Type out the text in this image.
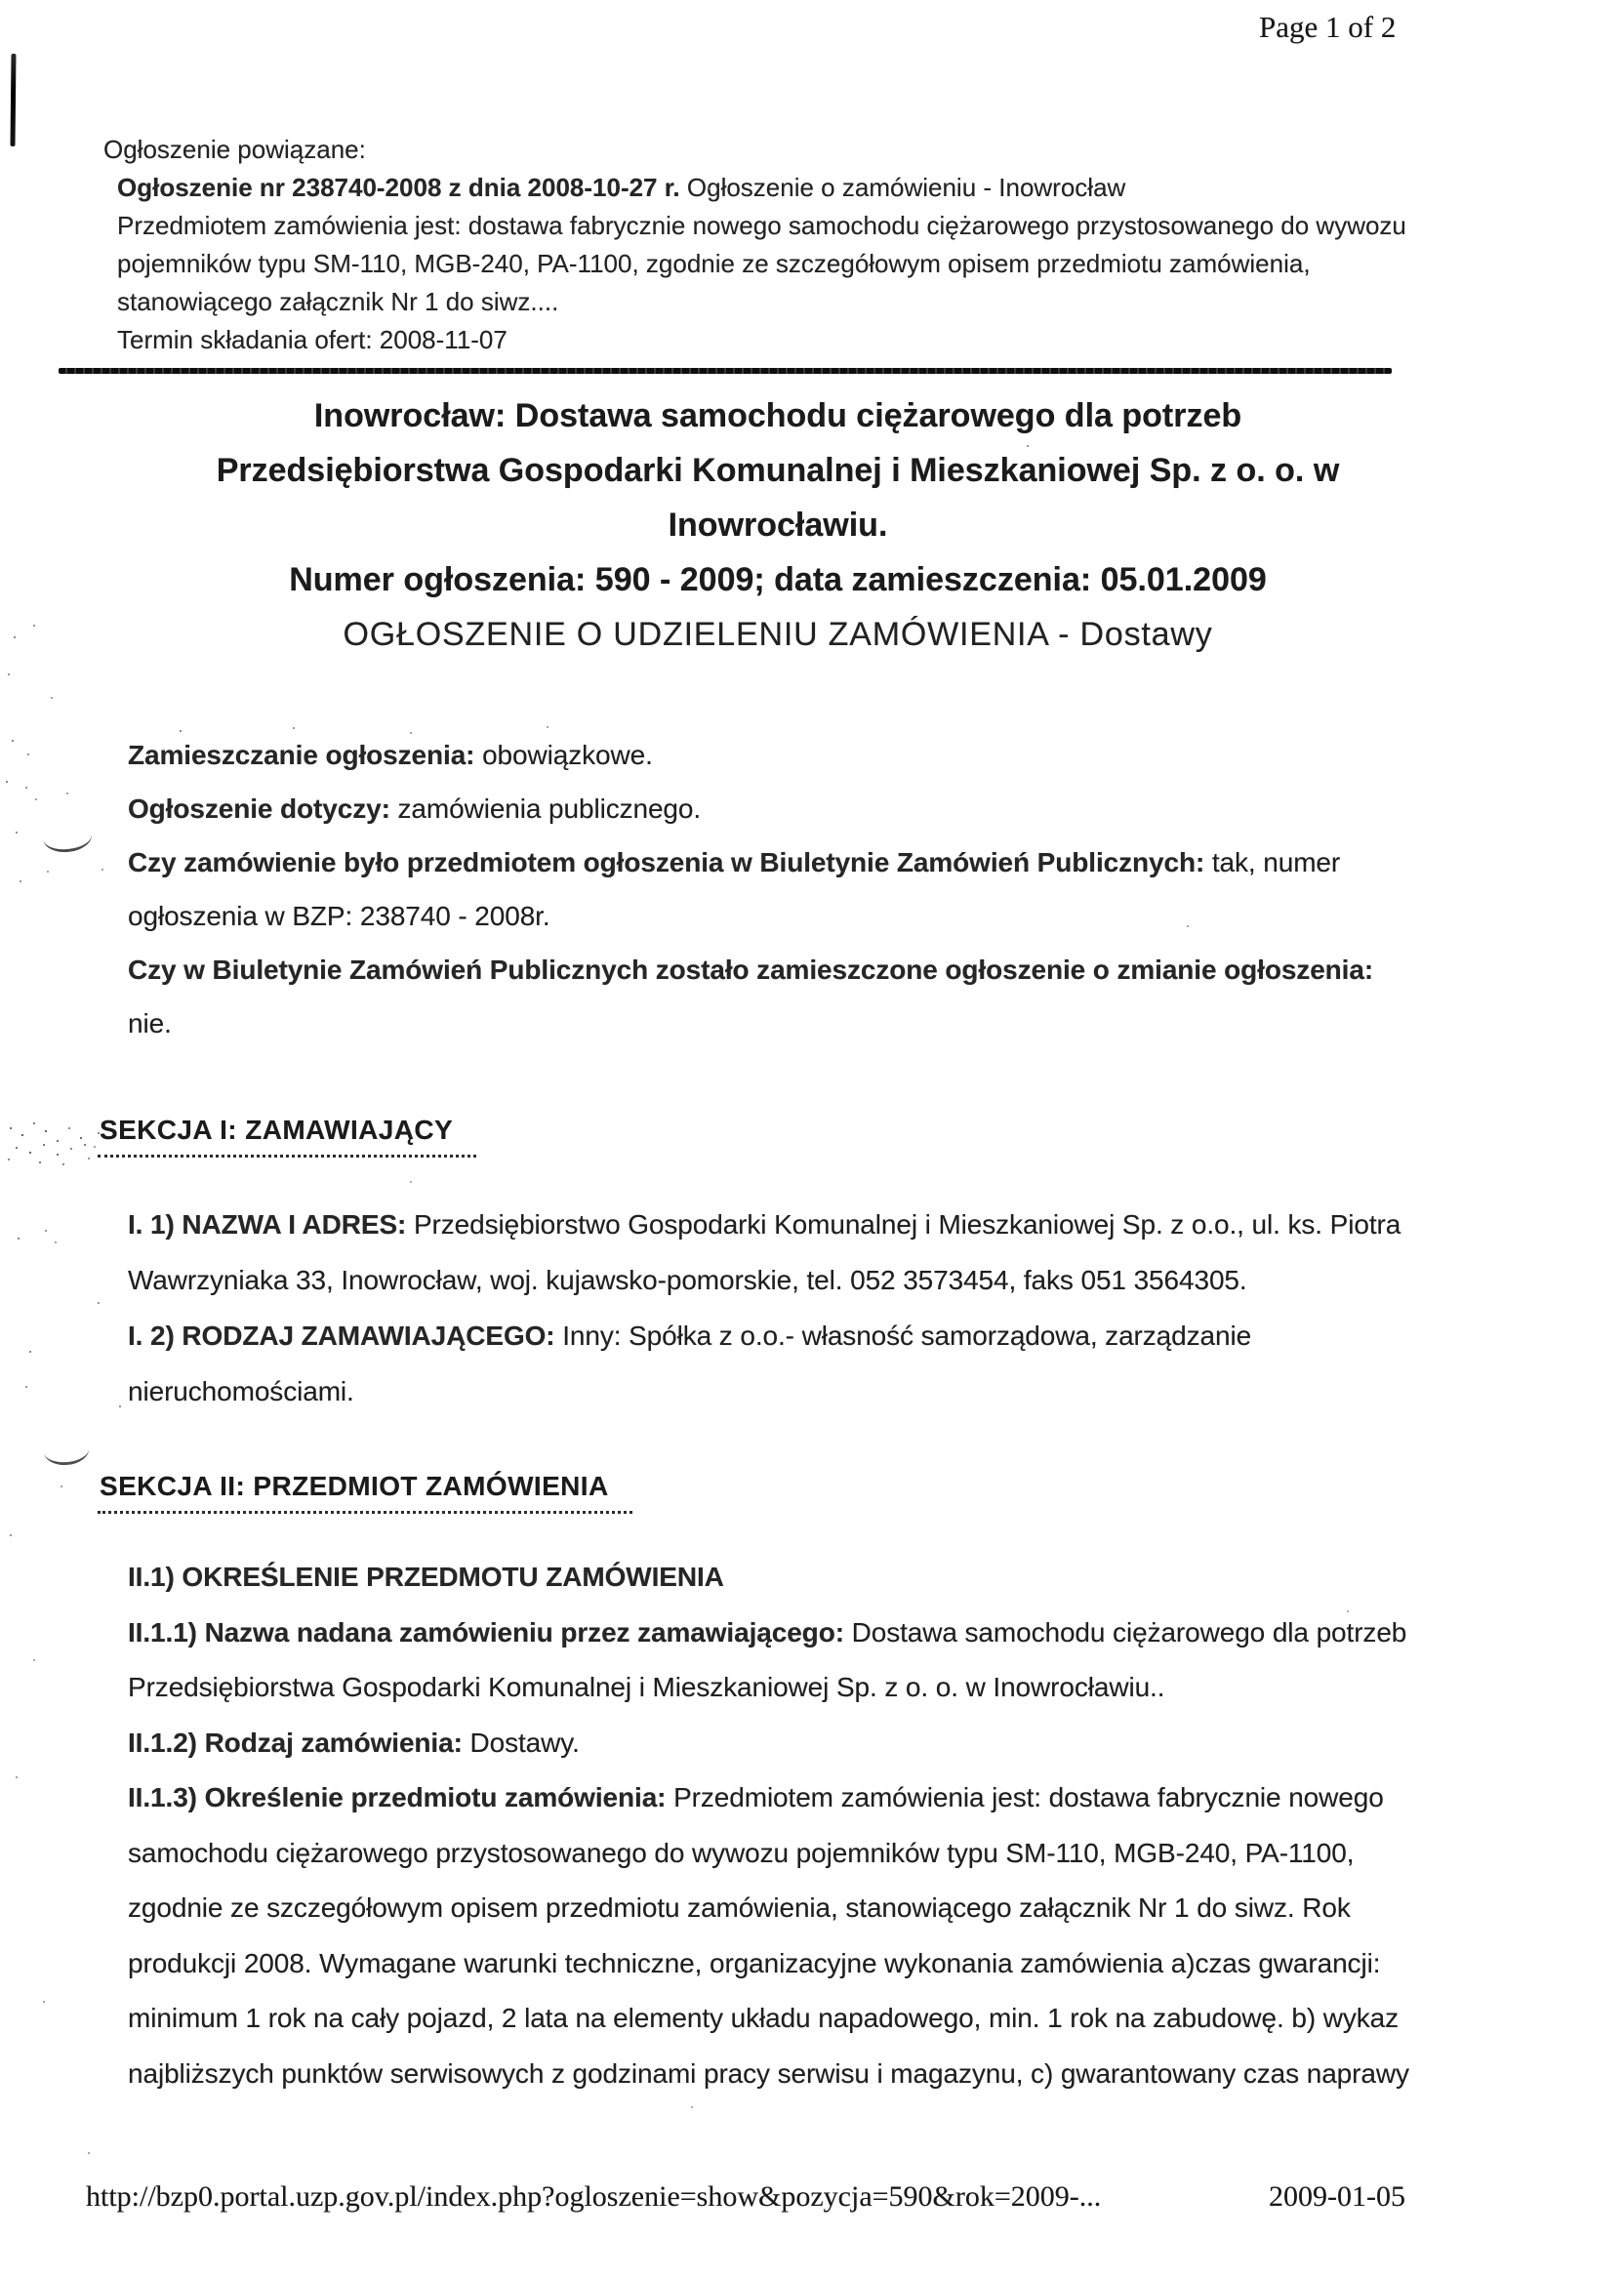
Page 1 of 2

Ogłoszenie powiązane:

Ogłoszenie nr 238740-2008 z dnia 2008-10-27 r. Ogłoszenie o zamówieniu - Inowrocław

Przedmiotem zamówienia jest: dostawa fabrycznie nowego samochodu ciężarowego przystosowanego do wywozu

pojemników typu SM-110, MGB-240, PA-1100, zgodnie ze szczegółowym opisem przedmiotu zamówienia,

stanowiącego załącznik Nr 1 do siwz....

Termin składania ofert: 2008-11-07

Inowrocław: Dostawa samochodu ciężarowego dla potrzeb

Przedsiębiorstwa Gospodarki Komunalnej i Mieszkaniowej Sp. z o. o. w

Inowrocławiu.

Numer ogłoszenia: 590 - 2009; data zamieszczenia: 05.01.2009

OGŁOSZENIE O UDZIELENIU ZAMÓWIENIA - Dostawy

Zamieszczanie ogłoszenia: obowiązkowe.

Ogłoszenie dotyczy: zamówienia publicznego.

Czy zamówienie było przedmiotem ogłoszenia w Biuletynie Zamówień Publicznych: tak, numer

ogłoszenia w BZP: 238740 - 2008r.

Czy w Biuletynie Zamówień Publicznych zostało zamieszczone ogłoszenie o zmianie ogłoszenia:

nie.

SEKCJA I: ZAMAWIAJĄCY

I. 1) NAZWA I ADRES: Przedsiębiorstwo Gospodarki Komunalnej i Mieszkaniowej Sp. z o.o., ul. ks. Piotra

Wawrzyniaka 33, Inowrocław, woj. kujawsko-pomorskie, tel. 052 3573454, faks 051 3564305.

I. 2) RODZAJ ZAMAWIAJĄCEGO: Inny: Spółka z o.o.- własność samorządowa, zarządzanie

nieruchomościami.

SEKCJA II: PRZEDMIOT ZAMÓWIENIA

II.1) OKREŚLENIE PRZEDMOTU ZAMÓWIENIA

II.1.1) Nazwa nadana zamówieniu przez zamawiającego: Dostawa samochodu ciężarowego dla potrzeb

Przedsiębiorstwa Gospodarki Komunalnej i Mieszkaniowej Sp. z o. o. w Inowrocławiu..

II.1.2) Rodzaj zamówienia: Dostawy.

II.1.3) Określenie przedmiotu zamówienia: Przedmiotem zamówienia jest: dostawa fabrycznie nowego

samochodu ciężarowego przystosowanego do wywozu pojemników typu SM-110, MGB-240, PA-1100,

zgodnie ze szczegółowym opisem przedmiotu zamówienia, stanowiącego załącznik Nr 1 do siwz. Rok

produkcji 2008. Wymagane warunki techniczne, organizacyjne wykonania zamówienia a)czas gwarancji:

minimum 1 rok na cały pojazd, 2 lata na elementy układu napadowego, min. 1 rok na zabudowę. b) wykaz

najbliższych punktów serwisowych z godzinami pracy serwisu i magazynu, c) gwarantowany czas naprawy

http://bzp0.portal.uzp.gov.pl/index.php?ogloszenie=show&pozycja=590&rok=2009-...	2009-01-05
